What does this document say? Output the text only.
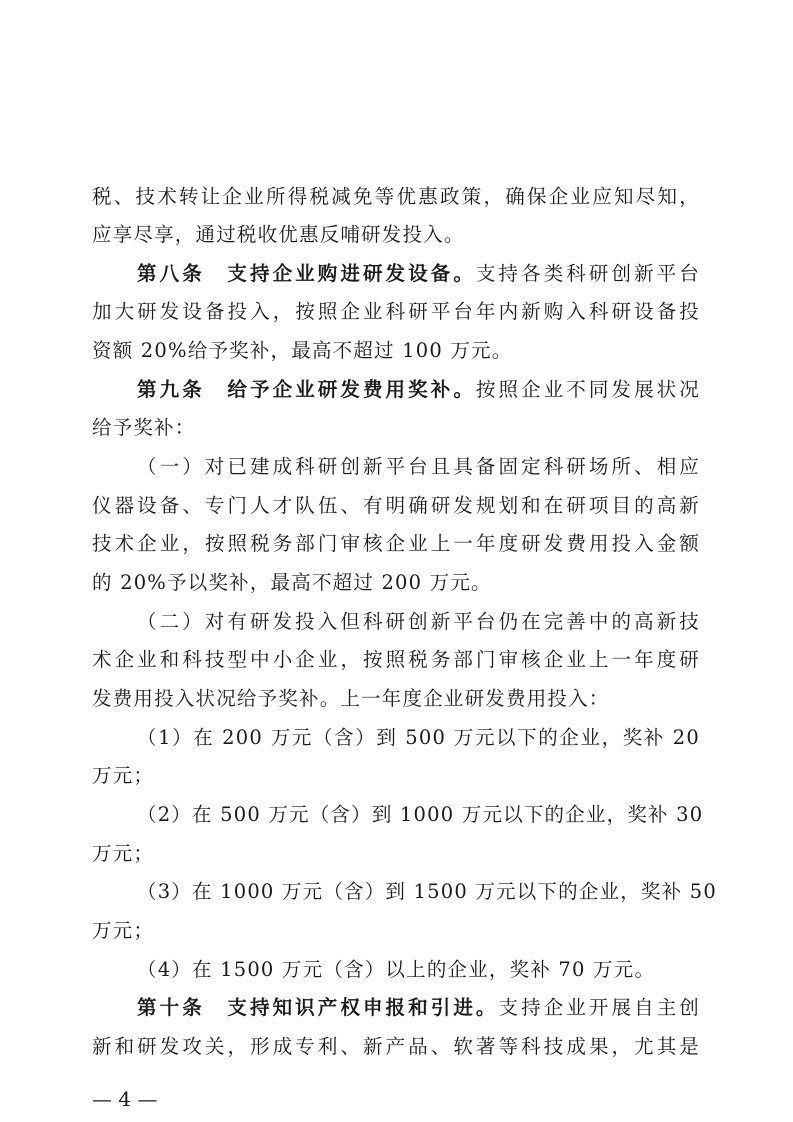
税、技术转让企业所得税减免等优惠政策，确保企业应知尽知，
应享尽享，通过税收优惠反哺研发投入。
第八条　支持企业购进研发设备。支持各类科研创新平台
加大研发设备投入，按照企业科研平台年内新购入科研设备投
资额 20%给予奖补，最高不超过 100 万元。
第九条　给予企业研发费用奖补。按照企业不同发展状况
给予奖补：
（一）对已建成科研创新平台且具备固定科研场所、相应
仪器设备、专门人才队伍、有明确研发规划和在研项目的高新
技术企业，按照税务部门审核企业上一年度研发费用投入金额
的 20%予以奖补，最高不超过 200 万元。
（二）对有研发投入但科研创新平台仍在完善中的高新技
术企业和科技型中小企业，按照税务部门审核企业上一年度研
发费用投入状况给予奖补。上一年度企业研发费用投入：
（1）在 200 万元（含）到 500 万元以下的企业，奖补 20
万元；
（2）在 500 万元（含）到 1000 万元以下的企业，奖补 30
万元；
（3）在 1000 万元（含）到 1500 万元以下的企业，奖补 50
万元；
（4）在 1500 万元（含）以上的企业，奖补 70 万元。
第十条　支持知识产权申报和引进。支持企业开展自主创
新和研发攻关，形成专利、新产品、软著等科技成果，尤其是
— 4 —
